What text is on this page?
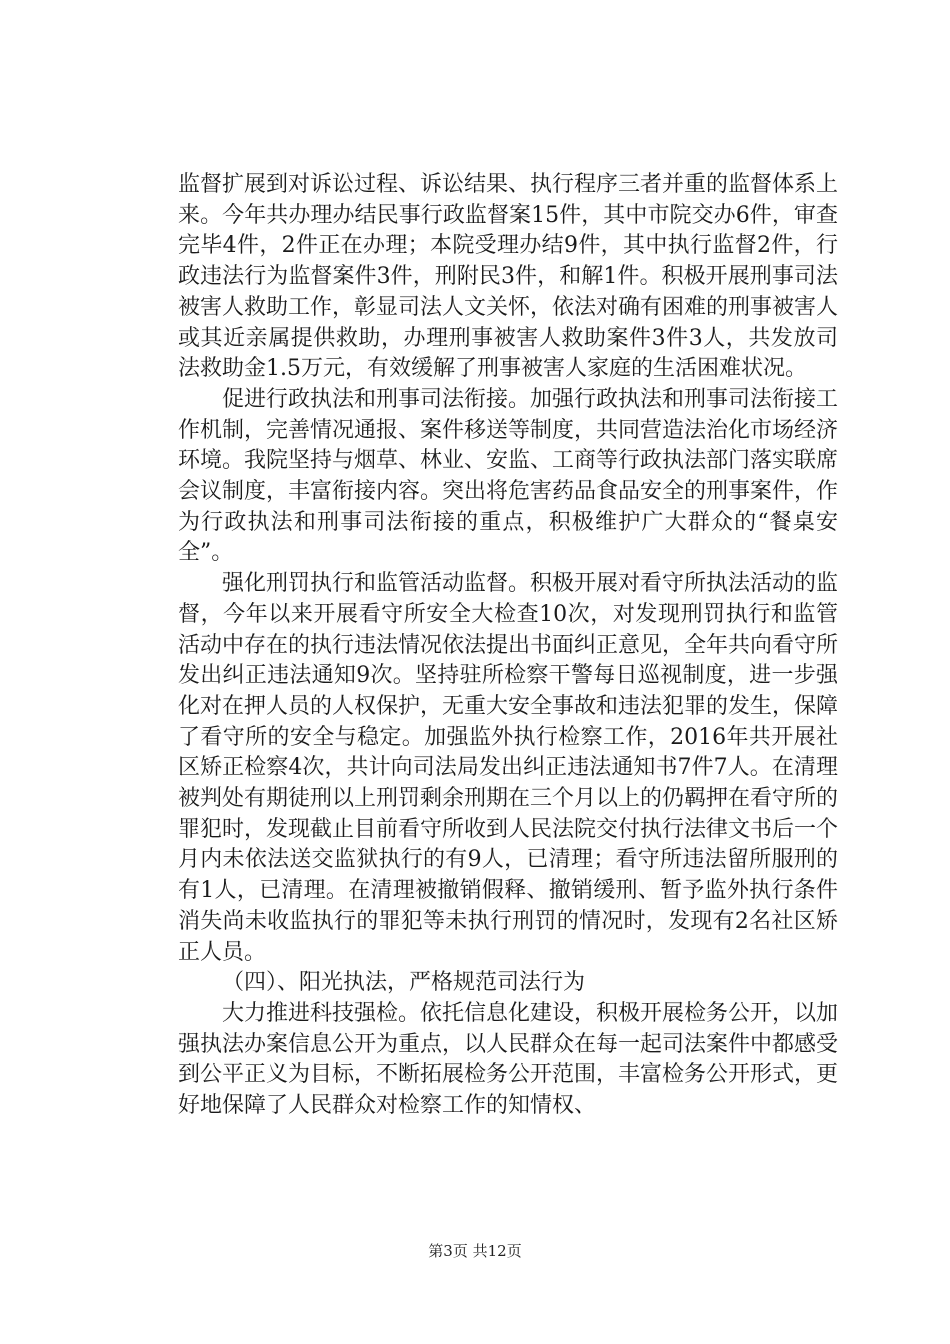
监督扩展到对诉讼过程、诉讼结果、执行程序三者并重的监督体系上来。今年共办理办结民事行政监督案15件，其中市院交办6件，审查完毕4件，2件正在办理；本院受理办结9件，其中执行监督2件，行政违法行为监督案件3件，刑附民3件，和解1件。积极开展刑事司法被害人救助工作，彰显司法人文关怀，依法对确有困难的刑事被害人或其近亲属提供救助，办理刑事被害人救助案件3件3人，共发放司法救助金1.5万元，有效缓解了刑事被害人家庭的生活困难状况。

促进行政执法和刑事司法衔接。加强行政执法和刑事司法衔接工作机制，完善情况通报、案件移送等制度，共同营造法治化市场经济环境。我院坚持与烟草、林业、安监、工商等行政执法部门落实联席会议制度，丰富衔接内容。突出将危害药品食品安全的刑事案件，作为行政执法和刑事司法衔接的重点，积极维护广大群众的“餐桌安全”。

强化刑罚执行和监管活动监督。积极开展对看守所执法活动的监督，今年以来开展看守所安全大检查10次，对发现刑罚执行和监管活动中存在的执行违法情况依法提出书面纠正意见，全年共向看守所发出纠正违法通知9次。坚持驻所检察干警每日巡视制度，进一步强化对在押人员的人权保护，无重大安全事故和违法犯罪的发生，保障了看守所的安全与稳定。加强监外执行检察工作，2016年共开展社区矫正检察4次，共计向司法局发出纠正违法通知书7件7人。在清理被判处有期徒刑以上刑罚剩余刑期在三个月以上的仍羁押在看守所的罪犯时，发现截止目前看守所收到人民法院交付执行法律文书后一个月内未依法送交监狱执行的有9人，已清理；看守所违法留所服刑的有1人，已清理。在清理被撤销假释、撤销缓刑、暂予监外执行条件消失尚未收监执行的罪犯等未执行刑罚的情况时，发现有2名社区矫正人员。

（四）、阳光执法，严格规范司法行为

大力推进科技强检。依托信息化建设，积极开展检务公开，以加强执法办案信息公开为重点，以人民群众在每一起司法案件中都感受到公平正义为目标，不断拓展检务公开范围，丰富检务公开形式，更好地保障了人民群众对检察工作的知情权、

第3页 共12页
